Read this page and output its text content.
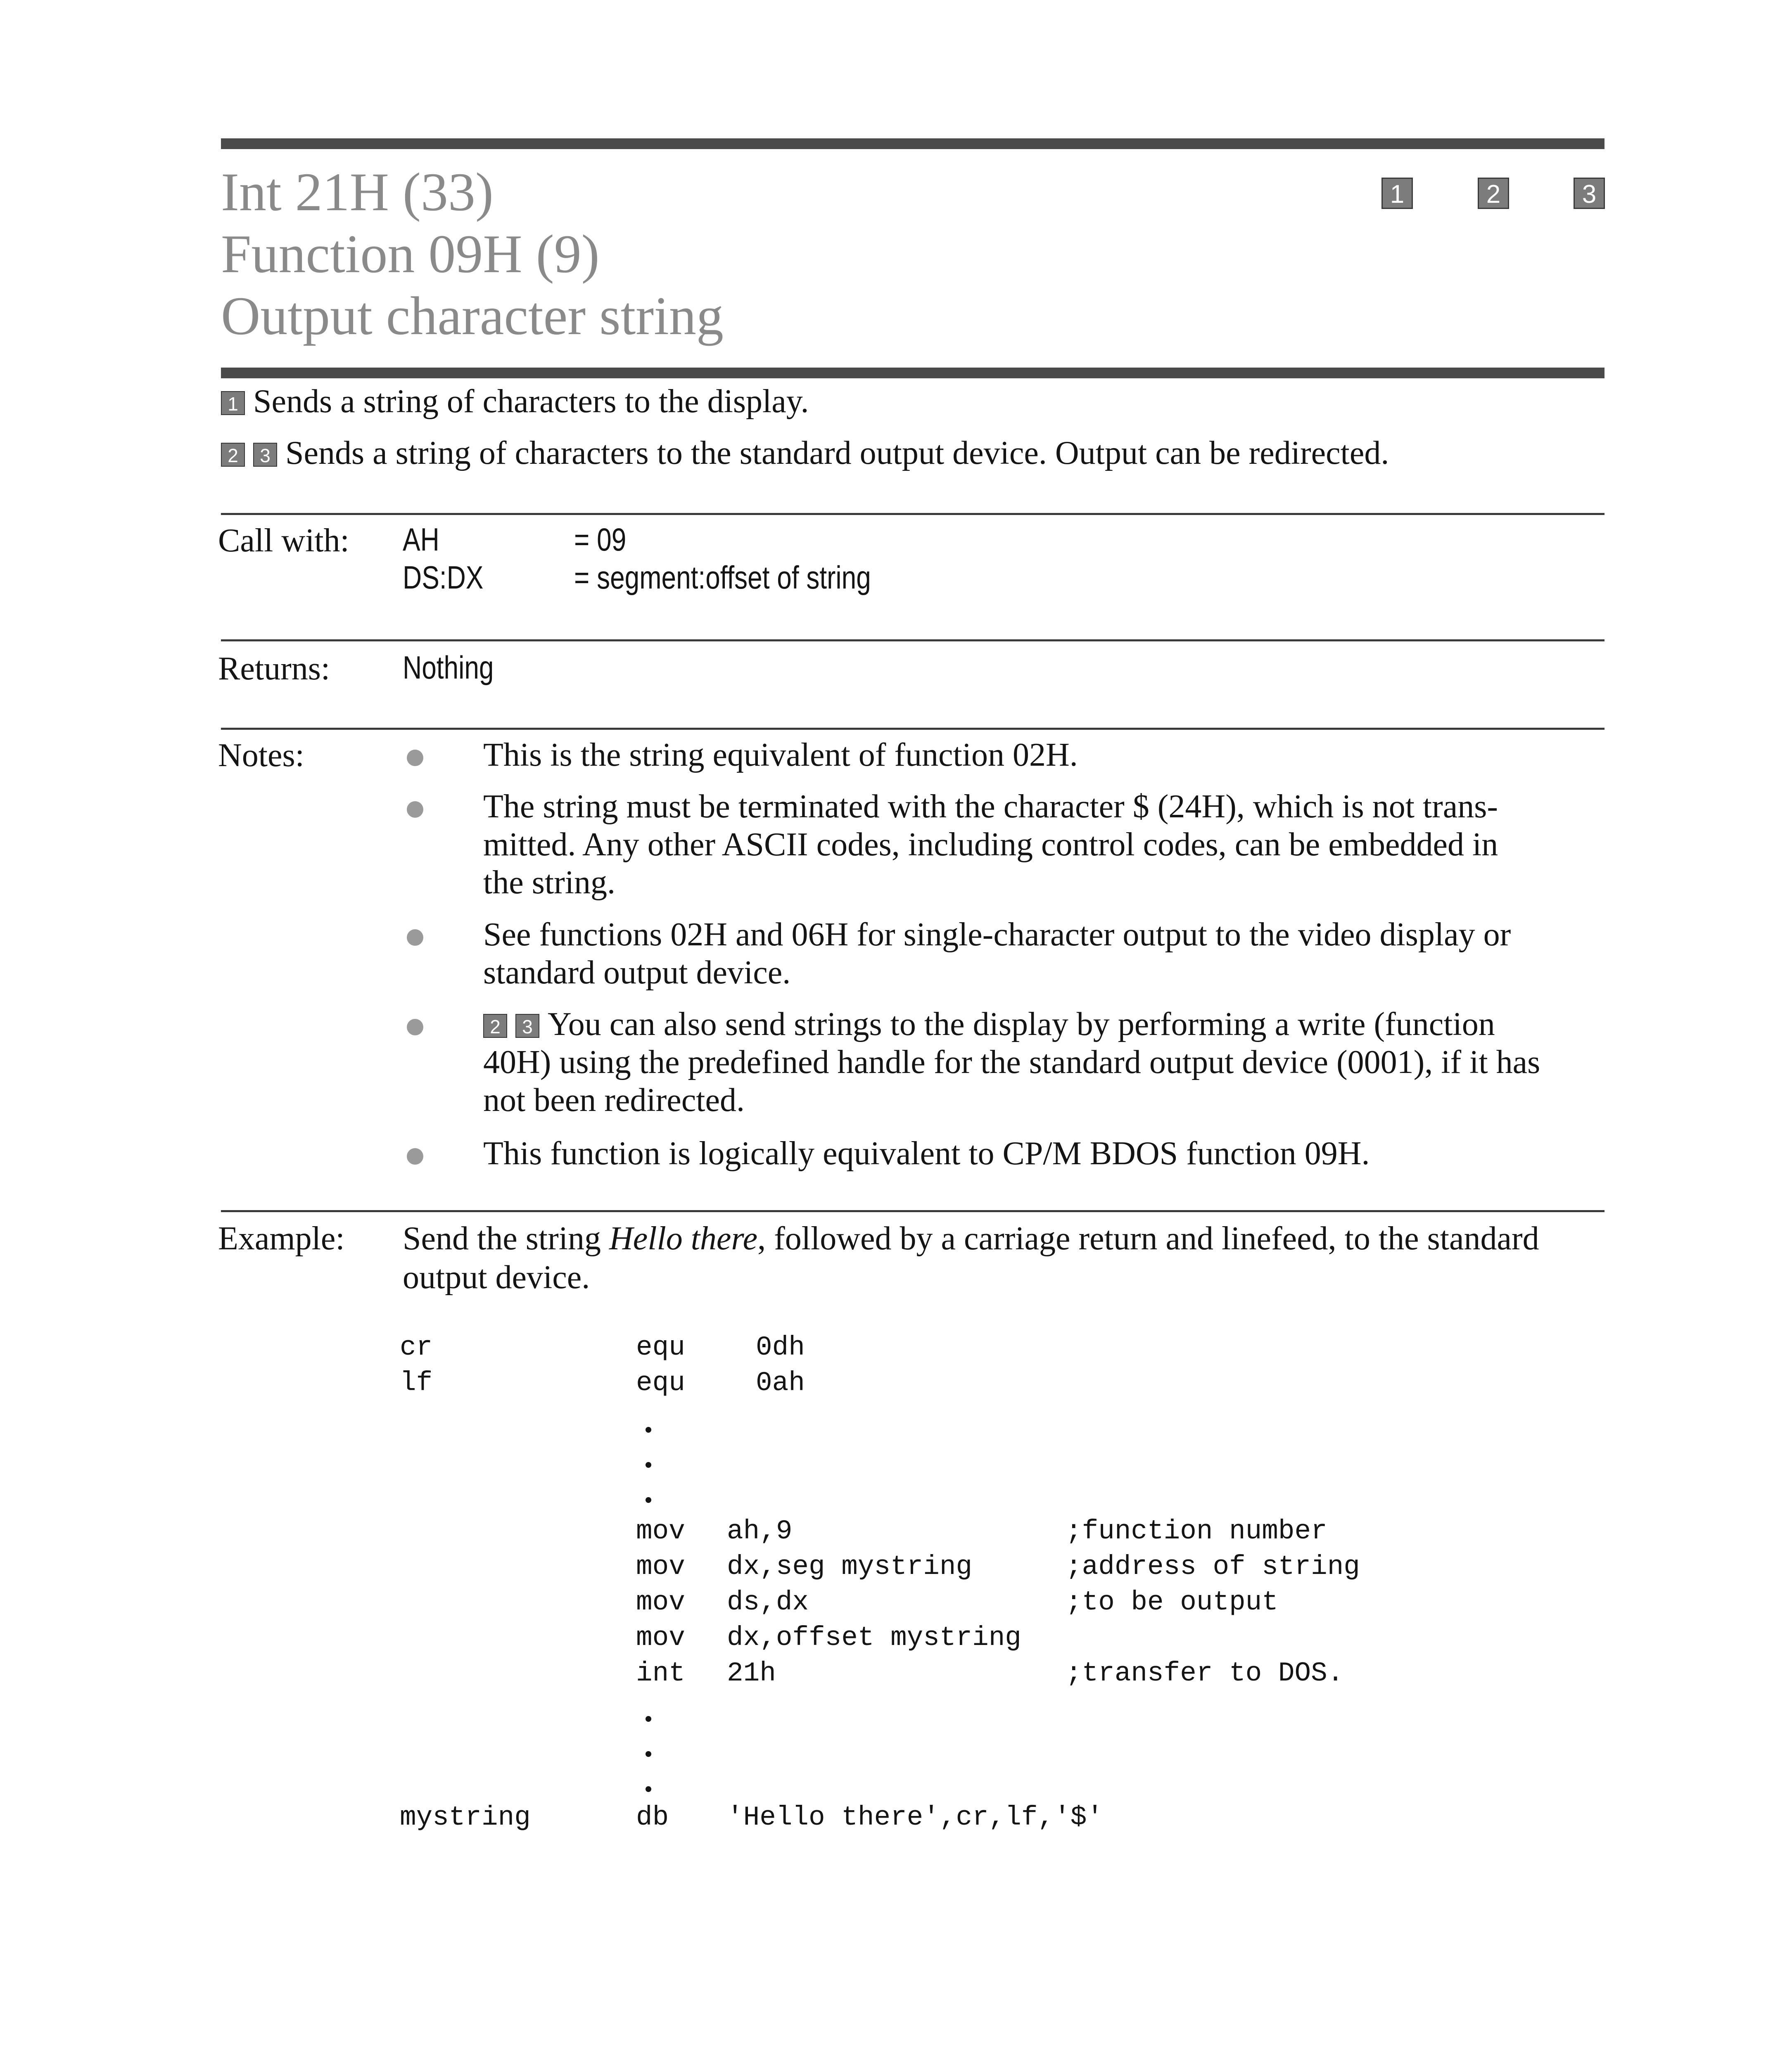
Int 21H (33)
Function 09H (9)
Output character string
1	2	3
1 Sends a string of characters to the display.
2 3 Sends a string of characters to the standard output device. Output can be redirected.
Call with: AH	= 09
DS:DX	= segment:offset of string
Returns: Nothing
Notes:	This is the string equivalent of function 02H.
The string must be terminated with the character $ (24H), which is not trans-
mitted. Any other ASCII codes, including control codes, can be embedded in
the string.
See functions 02H and 06H for single-character output to the video display or
standard output device.
2 3 You can also send strings to the display by performing a write (function
40H) using the predefined handle for the standard output device (0001), if it has
not been redirected.
This function is logically equivalent to CP/M BDOS function 09H.
Example: Send the string Hello there, followed by a carriage return and linefeed, to the standard
output device.
cr	equ	0dh
lf	equ	0ah
mov ah,9	;function number
mov dx,seg mystring	;address of string
mov ds,dx	;to be output
mov dx,offset mystring
int 21h	;transfer to DOS.
mystring	db 'Hello there',cr,lf,'$'
